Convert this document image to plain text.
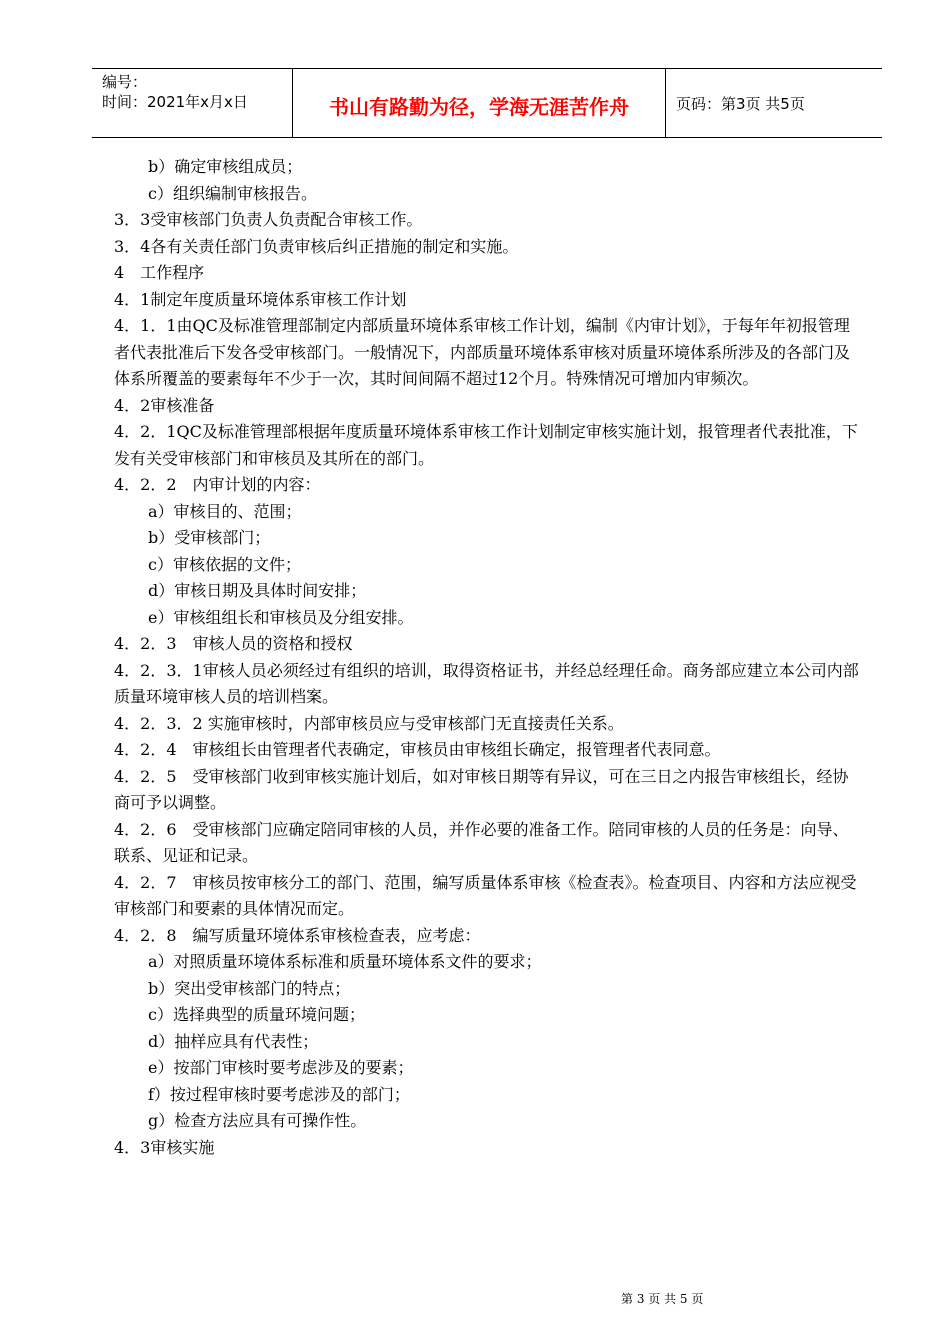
编号：
时间：2021年x月x日	书山有路勤为径，学海无涯苦作舟	页码：第3页 共5页
b）确定审核组成员；
c）组织编制审核报告。
3．3受审核部门负责人负责配合审核工作。
3．4各有关责任部门负责审核后纠正措施的制定和实施。
4　工作程序
4．1制定年度质量环境体系审核工作计划
4．1．1由QC及标准管理部制定内部质量环境体系审核工作计划，编制《内审计划》，于每年年初报管理者代表批准后下发各受审核部门。一般情况下，内部质量环境体系审核对质量环境体系所涉及的各部门及体系所覆盖的要素每年不少于一次，其时间间隔不超过12个月。特殊情况可增加内审频次。
4．2审核准备
4．2．1QC及标准管理部根据年度质量环境体系审核工作计划制定审核实施计划，报管理者代表批准，下发有关受审核部门和审核员及其所在的部门。
4．2．2　内审计划的内容：
a）审核目的、范围；
b）受审核部门；
c）审核依据的文件；
d）审核日期及具体时间安排；
e）审核组组长和审核员及分组安排。
4．2．3　审核人员的资格和授权
4．2．3．1审核人员必须经过有组织的培训，取得资格证书，并经总经理任命。商务部应建立本公司内部质量环境审核人员的培训档案。
4．2．3．2 实施审核时，内部审核员应与受审核部门无直接责任关系。
4．2．4　审核组长由管理者代表确定，审核员由审核组长确定，报管理者代表同意。
4．2．5　受审核部门收到审核实施计划后，如对审核日期等有异议，可在三日之内报告审核组长，经协商可予以调整。
4．2．6　受审核部门应确定陪同审核的人员，并作必要的准备工作。陪同审核的人员的任务是：向导、联系、见证和记录。
4．2．7　审核员按审核分工的部门、范围，编写质量体系审核《检查表》。检查项目、内容和方法应视受审核部门和要素的具体情况而定。
4．2．8　编写质量环境体系审核检查表，应考虑：
a）对照质量环境体系标准和质量环境体系文件的要求；
b）突出受审核部门的特点；
c）选择典型的质量环境问题；
d）抽样应具有代表性；
e）按部门审核时要考虑涉及的要素；
f）按过程审核时要考虑涉及的部门；
g）检查方法应具有可操作性。
4．3审核实施
第 3 页 共 5 页
